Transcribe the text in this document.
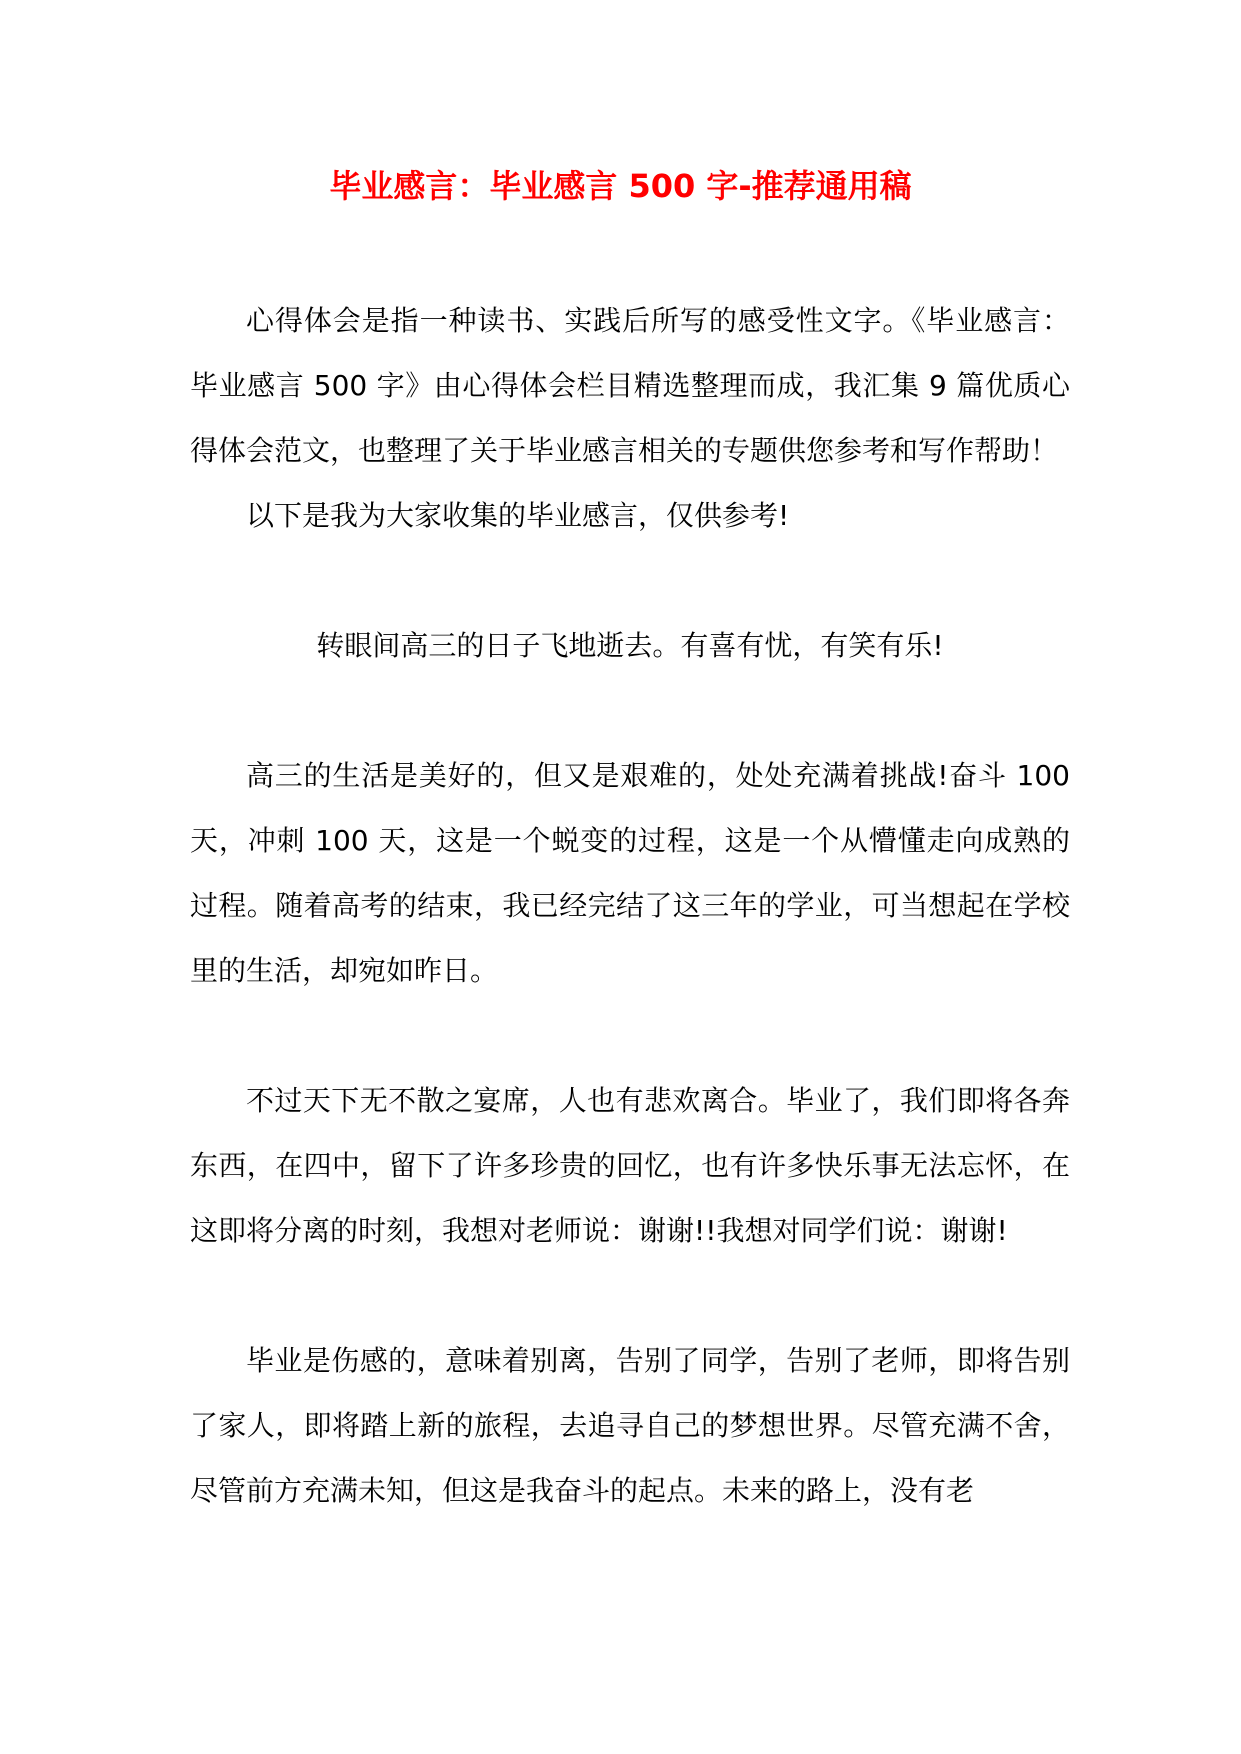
毕业感言：毕业感言 500 字-推荐通用稿

心得体会是指一种读书、实践后所写的感受性文字。《毕业感言：毕业感言 500 字》由心得体会栏目精选整理而成，我汇集 9 篇优质心得体会范文，也整理了关于毕业感言相关的专题供您参考和写作帮助！

以下是我为大家收集的毕业感言，仅供参考!

转眼间高三的日子飞地逝去。有喜有忧，有笑有乐!

高三的生活是美好的，但又是艰难的，处处充满着挑战!奋斗 100 天，冲刺 100 天，这是一个蜕变的过程，这是一个从懵懂走向成熟的过程。随着高考的结束，我已经完结了这三年的学业，可当想起在学校里的生活，却宛如昨日。

不过天下无不散之宴席，人也有悲欢离合。毕业了，我们即将各奔东西，在四中，留下了许多珍贵的回忆，也有许多快乐事无法忘怀，在这即将分离的时刻，我想对老师说：谢谢!!我想对同学们说：谢谢!

毕业是伤感的，意味着别离，告别了同学，告别了老师，即将告别了家人，即将踏上新的旅程，去追寻自己的梦想世界。尽管充满不舍，尽管前方充满未知，但这是我奋斗的起点。未来的路上，没有老
